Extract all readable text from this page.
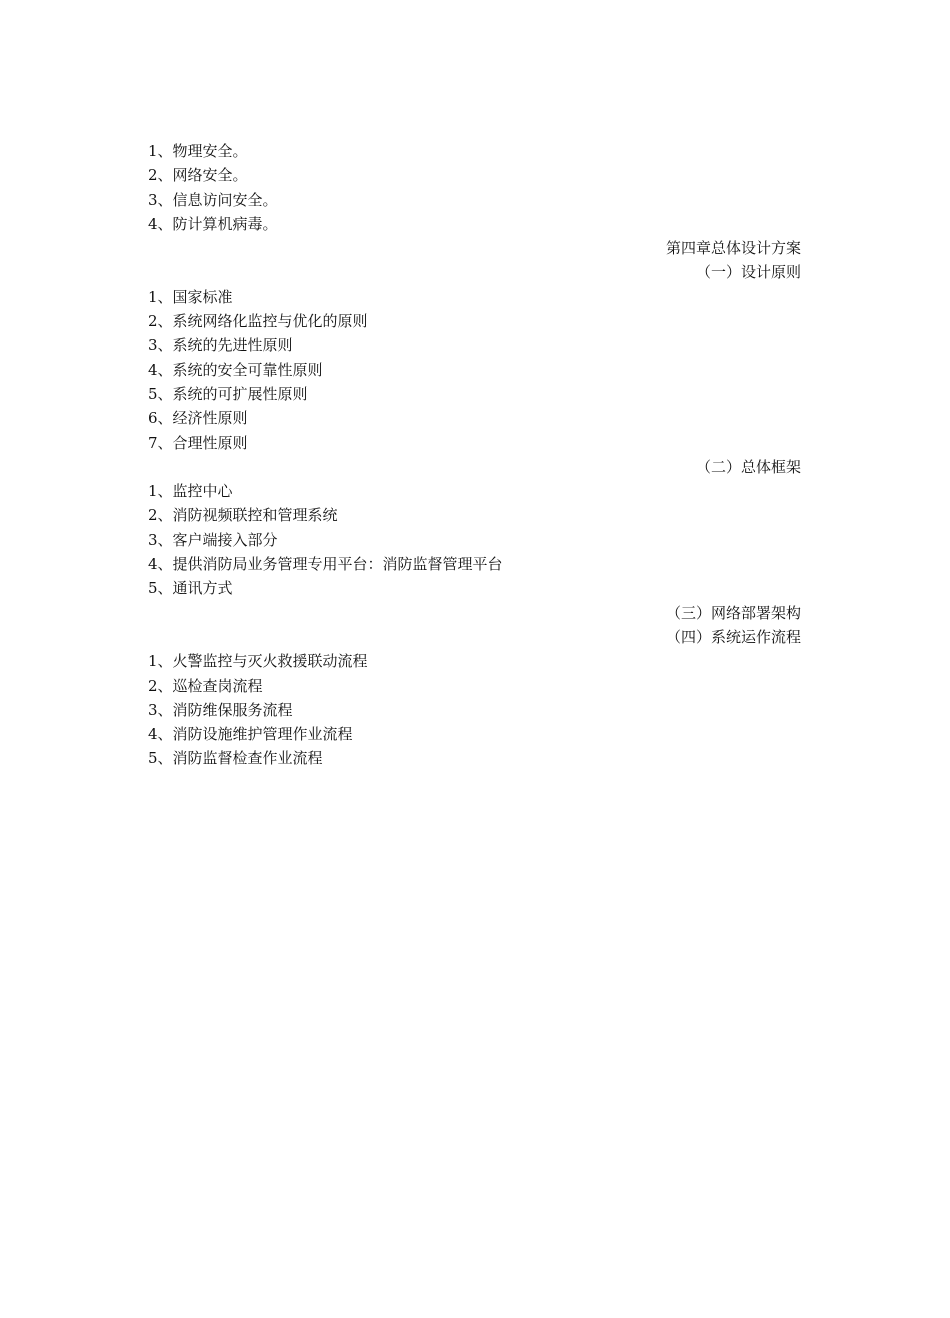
1、物理安全。
2、网络安全。
3、信息访问安全。
4、防计算机病毒。
第四章总体设计方案
（一）设计原则
1、国家标准
2、系统网络化监控与优化的原则
3、系统的先进性原则
4、系统的安全可靠性原则
5、系统的可扩展性原则
6、经济性原则
7、合理性原则
（二）总体框架
1、监控中心
2、消防视频联控和管理系统
3、客户端接入部分
4、提供消防局业务管理专用平台：消防监督管理平台
5、通讯方式
（三）网络部署架构
（四）系统运作流程
1、火警监控与灭火救援联动流程
2、巡检查岗流程
3、消防维保服务流程
4、消防设施维护管理作业流程
5、消防监督检查作业流程
